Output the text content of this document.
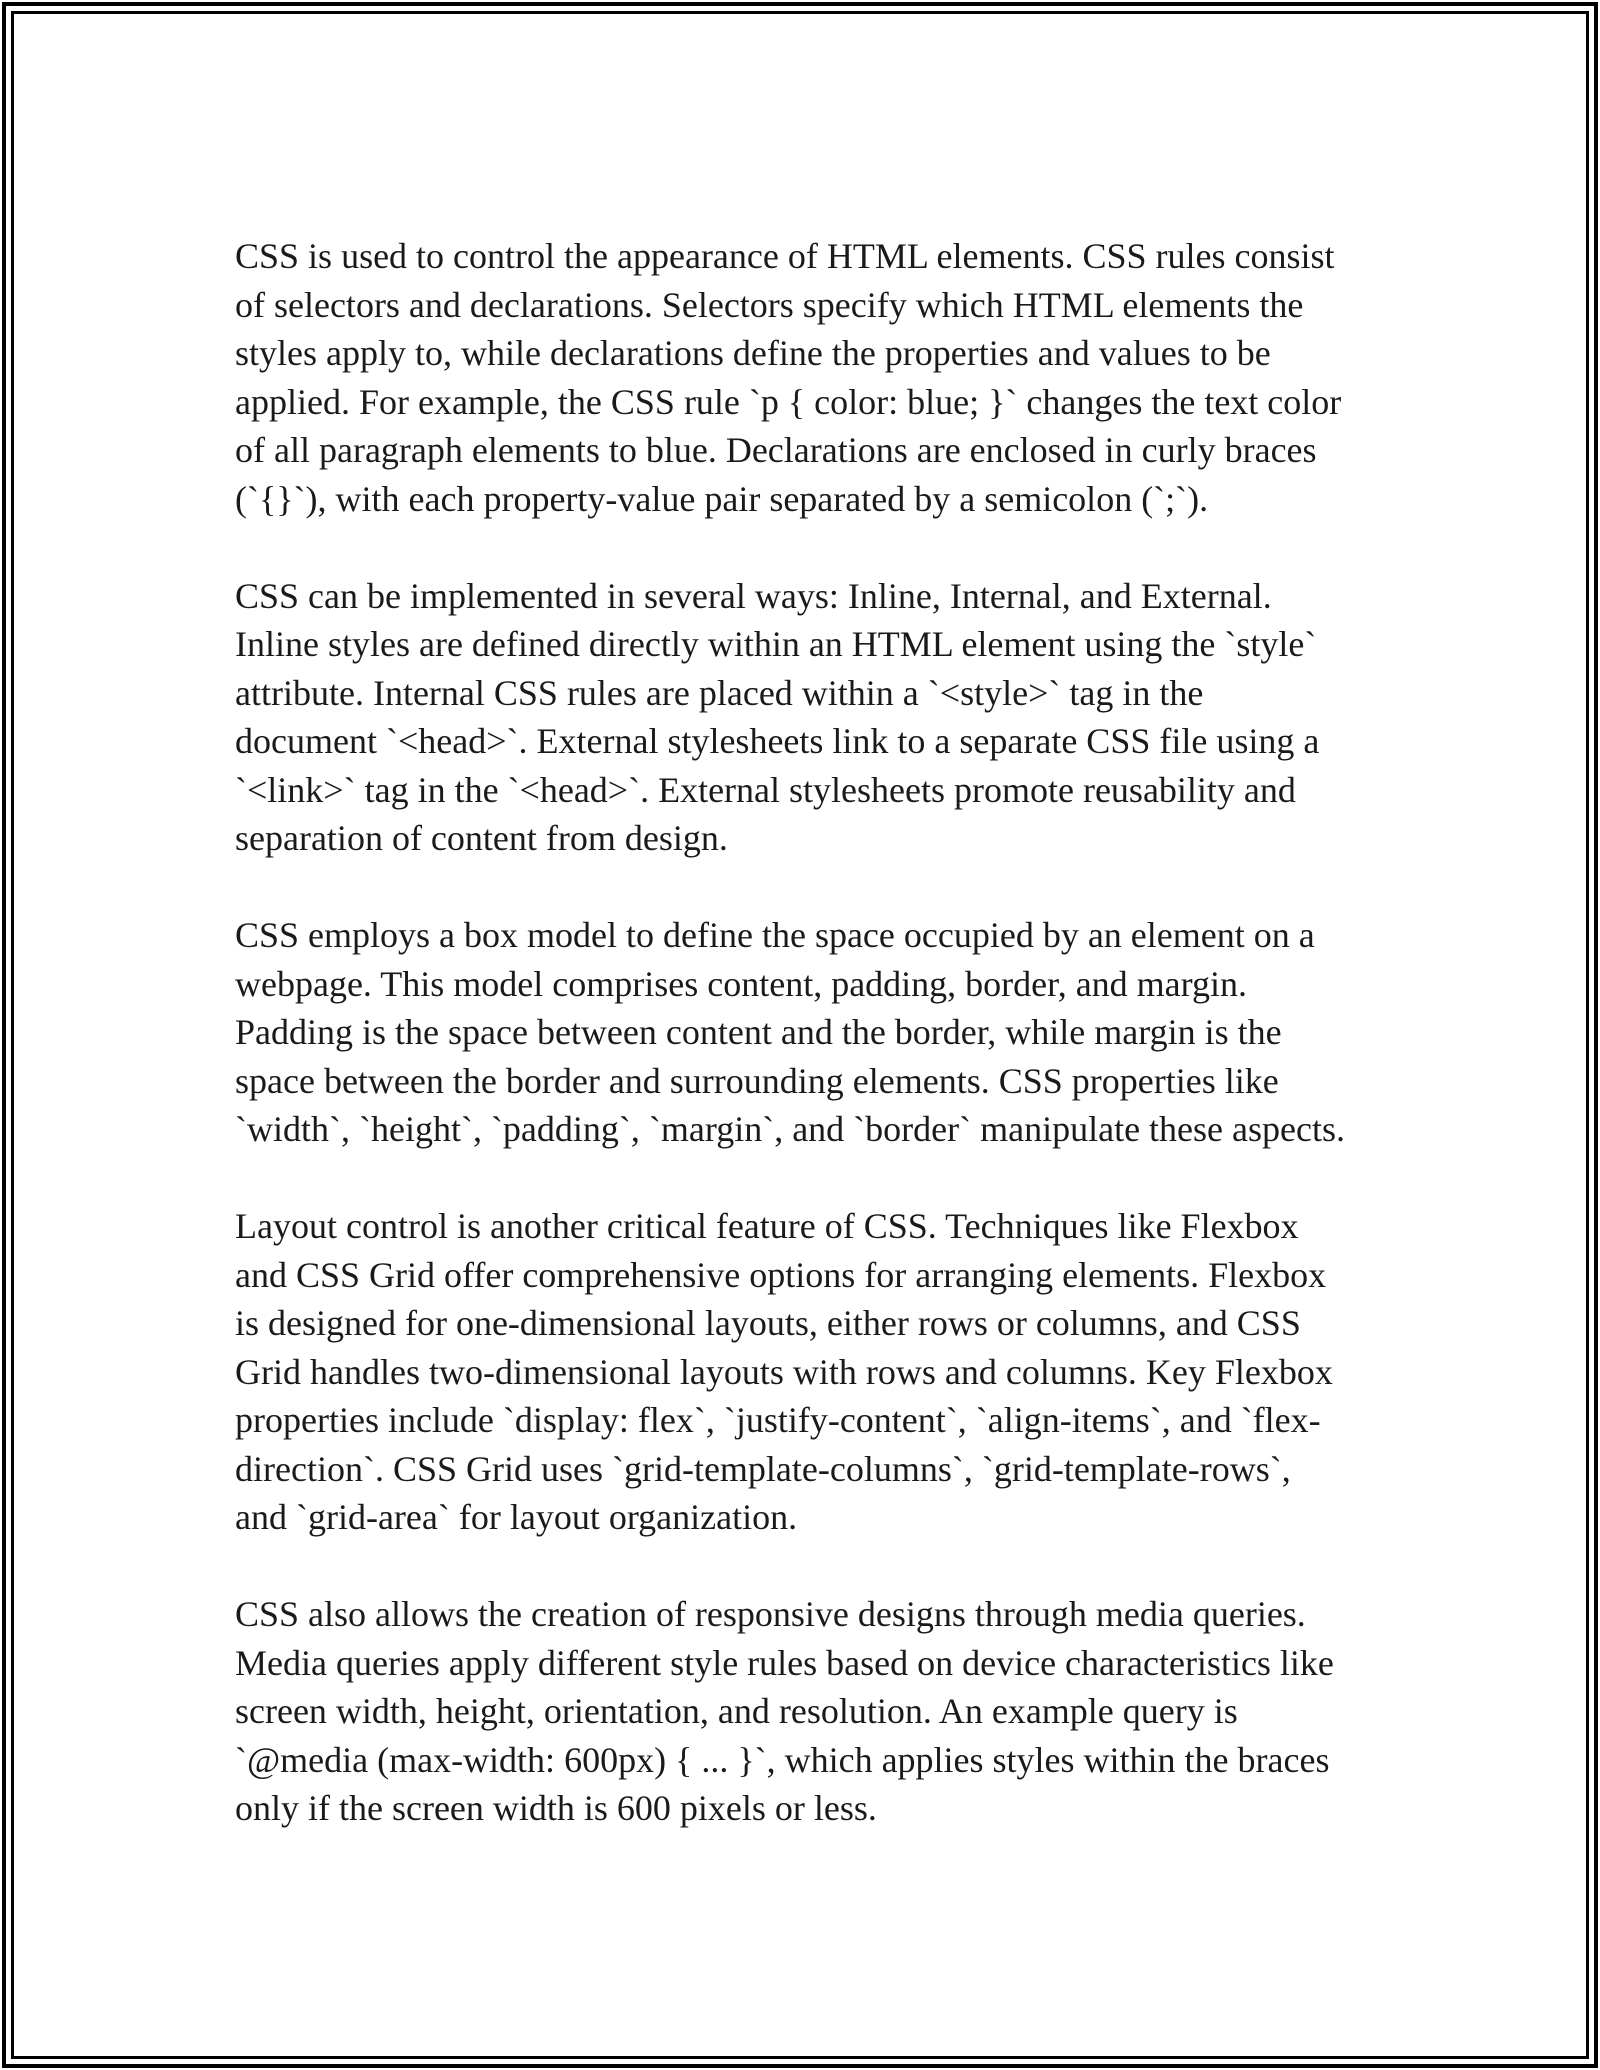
CSS is used to control the appearance of HTML elements. CSS rules consist
of selectors and declarations. Selectors specify which HTML elements the
styles apply to, while declarations define the properties and values to be
applied. For example, the CSS rule `p { color: blue; }` changes the text color
of all paragraph elements to blue. Declarations are enclosed in curly braces
(`{}`), with each property-value pair separated by a semicolon (`;`).

CSS can be implemented in several ways: Inline, Internal, and External.
Inline styles are defined directly within an HTML element using the `style`
attribute. Internal CSS rules are placed within a `<style>` tag in the
document `<head>`. External stylesheets link to a separate CSS file using a
`<link>` tag in the `<head>`. External stylesheets promote reusability and
separation of content from design.

CSS employs a box model to define the space occupied by an element on a
webpage. This model comprises content, padding, border, and margin.
Padding is the space between content and the border, while margin is the
space between the border and surrounding elements. CSS properties like
`width`, `height`, `padding`, `margin`, and `border` manipulate these aspects.

Layout control is another critical feature of CSS. Techniques like Flexbox
and CSS Grid offer comprehensive options for arranging elements. Flexbox
is designed for one-dimensional layouts, either rows or columns, and CSS
Grid handles two-dimensional layouts with rows and columns. Key Flexbox
properties include `display: flex`, `justify-content`, `align-items`, and `flex-
direction`. CSS Grid uses `grid-template-columns`, `grid-template-rows`,
and `grid-area` for layout organization.

CSS also allows the creation of responsive designs through media queries.
Media queries apply different style rules based on device characteristics like
screen width, height, orientation, and resolution. An example query is
`@media (max-width: 600px) { ... }`, which applies styles within the braces
only if the screen width is 600 pixels or less.
